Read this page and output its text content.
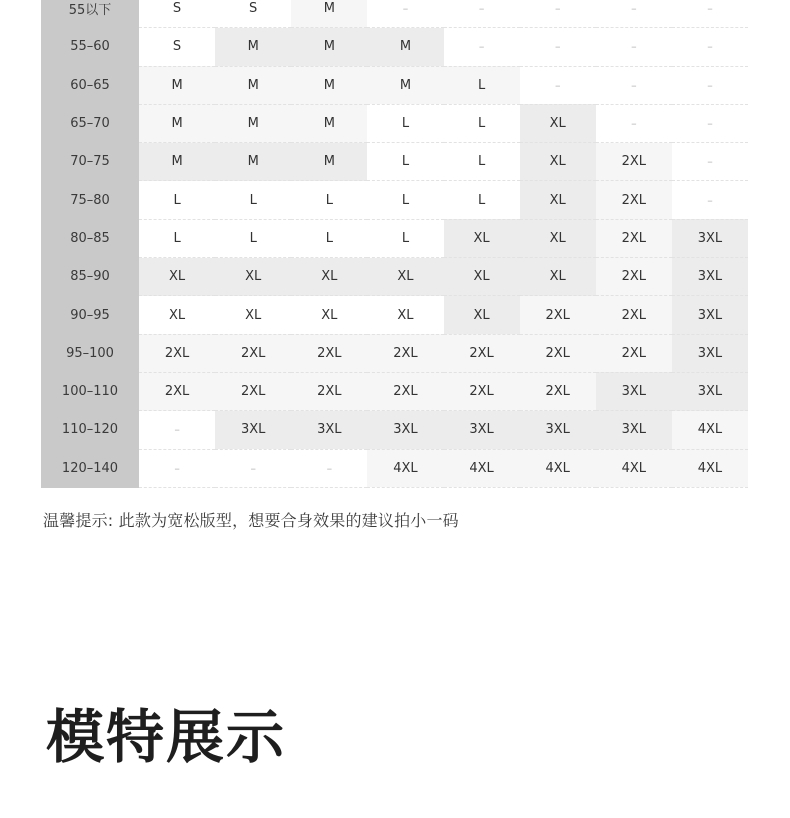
55以下	S	S	M	–	–	–	–	–
55–60	S	M	M	M	–	–	–	–
60–65	M	M	M	M	L	–	–	–
65–70	M	M	M	L	L	XL	–	–
70–75	M	M	M	L	L	XL	2XL	–
75–80	L	L	L	L	L	XL	2XL	–
80–85	L	L	L	L	XL	XL	2XL	3XL
85–90	XL	XL	XL	XL	XL	XL	2XL	3XL
90–95	XL	XL	XL	XL	XL	2XL	2XL	3XL
95–100	2XL	2XL	2XL	2XL	2XL	2XL	2XL	3XL
100–110	2XL	2XL	2XL	2XL	2XL	2XL	3XL	3XL
110–120	–	3XL	3XL	3XL	3XL	3XL	3XL	4XL
120–140	–	–	–	4XL	4XL	4XL	4XL	4XL
温馨提示: 此款为宽松版型，想要合身效果的建议拍小一码
模特展示
